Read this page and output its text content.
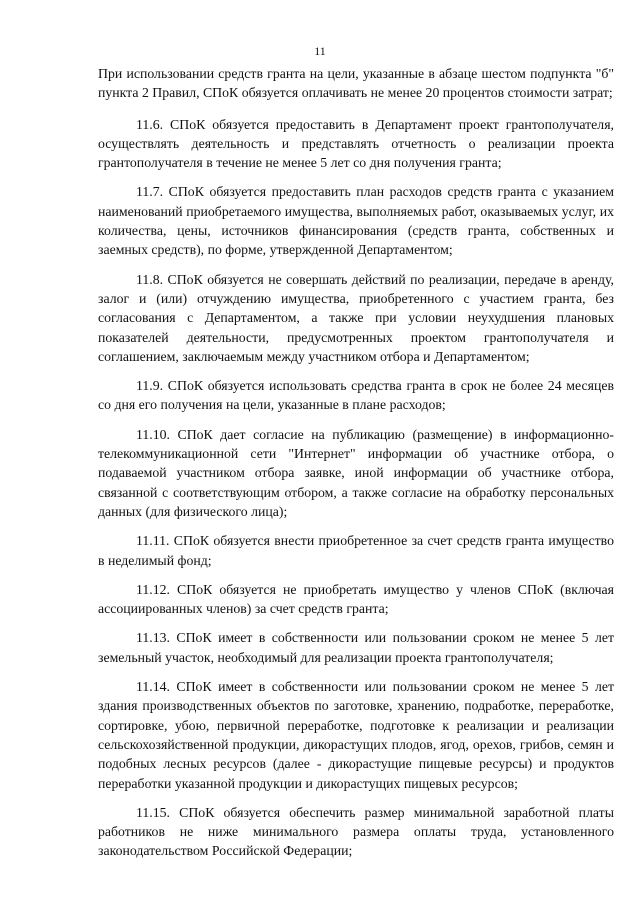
11

При использовании средств гранта на цели, указанные в абзаце шестом подпункта "б" пункта 2 Правил, СПоК обязуется оплачивать не менее 20 процентов стоимости затрат;

11.6. СПоК обязуется предоставить в Департамент проект грантополучателя, осуществлять деятельность и представлять отчетность о реализации проекта грантополучателя в течение не менее 5 лет со дня получения гранта;

11.7. СПоК обязуется предоставить план расходов средств гранта с указанием наименований приобретаемого имущества, выполняемых работ, оказываемых услуг, их количества, цены, источников финансирования (средств гранта, собственных и заемных средств), по форме, утвержденной Департаментом;

11.8. СПоК обязуется не совершать действий по реализации, передаче в аренду, залог и (или) отчуждению имущества, приобретенного с участием гранта, без согласования с Департаментом, а также при условии неухудшения плановых показателей деятельности, предусмотренных проектом грантополучателя и соглашением, заключаемым между участником отбора и Департаментом;

11.9. СПоК обязуется использовать средства гранта в срок не более 24 месяцев со дня его получения на цели, указанные в плане расходов;

11.10. СПоК дает согласие на публикацию (размещение) в информационно-телекоммуникационной сети "Интернет" информации об участнике отбора, о подаваемой участником отбора заявке, иной информации об участнике отбора, связанной с соответствующим отбором, а также согласие на обработку персональных данных (для физического лица);

11.11. СПоК обязуется внести приобретенное за счет средств гранта имущество в неделимый фонд;

11.12. СПоК обязуется не приобретать имущество у членов СПоК (включая ассоциированных членов) за счет средств гранта;

11.13. СПоК имеет в собственности или пользовании сроком не менее 5 лет земельный участок, необходимый для реализации проекта грантополучателя;

11.14. СПоК имеет в собственности или пользовании сроком не менее 5 лет здания производственных объектов по заготовке, хранению, подработке, переработке, сортировке, убою, первичной переработке, подготовке к реализации и реализации сельскохозяйственной продукции, дикорастущих плодов, ягод, орехов, грибов, семян и подобных лесных ресурсов (далее - дикорастущие пищевые ресурсы) и продуктов переработки указанной продукции и дикорастущих пищевых ресурсов;

11.15. СПоК обязуется обеспечить размер минимальной заработной платы работников не ниже минимального размера оплаты труда, установленного законодательством Российской Федерации;
